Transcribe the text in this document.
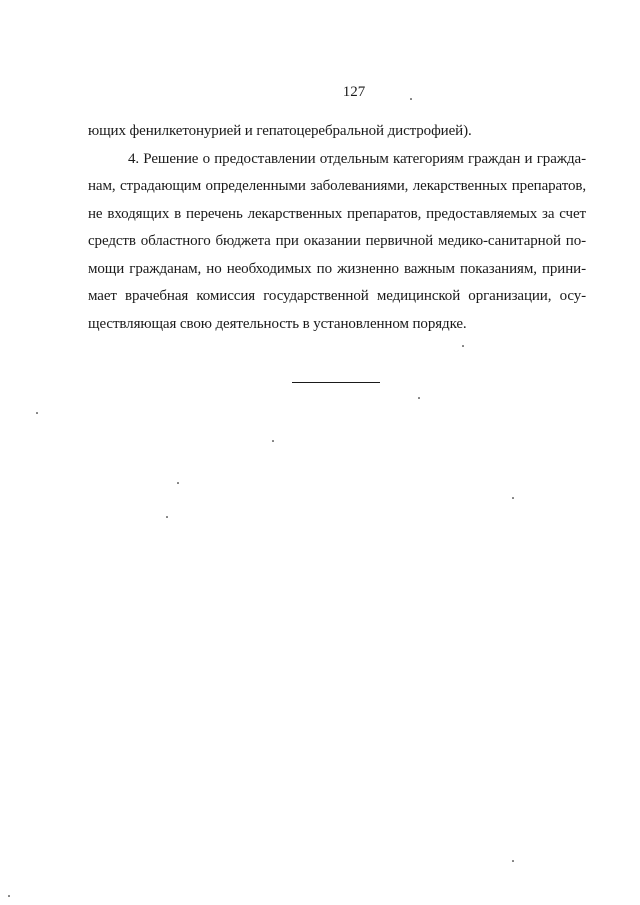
127
ющих фенилкетонурией и гепатоцеребральной дистрофией).
4. Решение о предоставлении отдельным категориям граждан и гражда-
нам, страдающим определенными заболеваниями, лекарственных препаратов,
не входящих в перечень лекарственных препаратов, предоставляемых за счет
средств областного бюджета при оказании первичной медико-санитарной по-
мощи гражданам, но необходимых по жизненно важным показаниям, прини-
мает врачебная комиссия государственной медицинской организации, осу-
ществляющая свою деятельность в установленном порядке.
